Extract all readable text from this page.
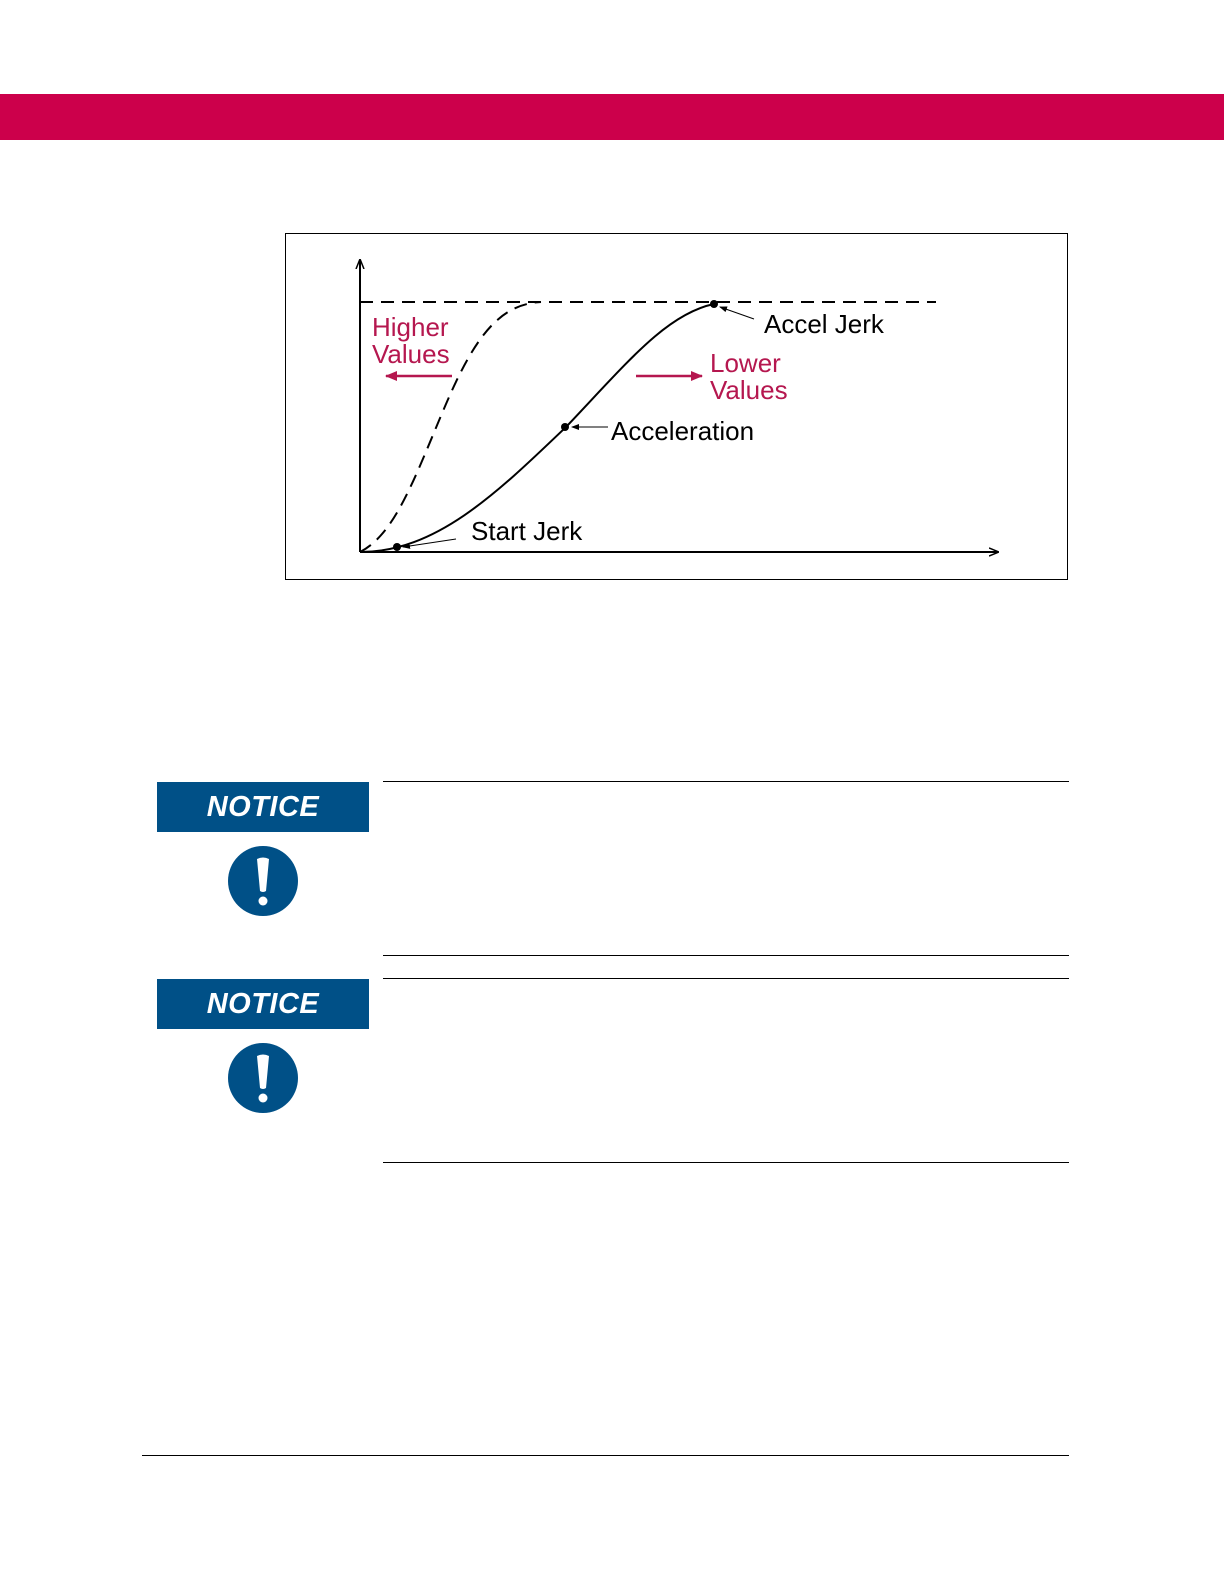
Higher
Values	Lower
Values
Accel Jerk
Acceleration
Start Jerk
NOTICE
NOTICE
